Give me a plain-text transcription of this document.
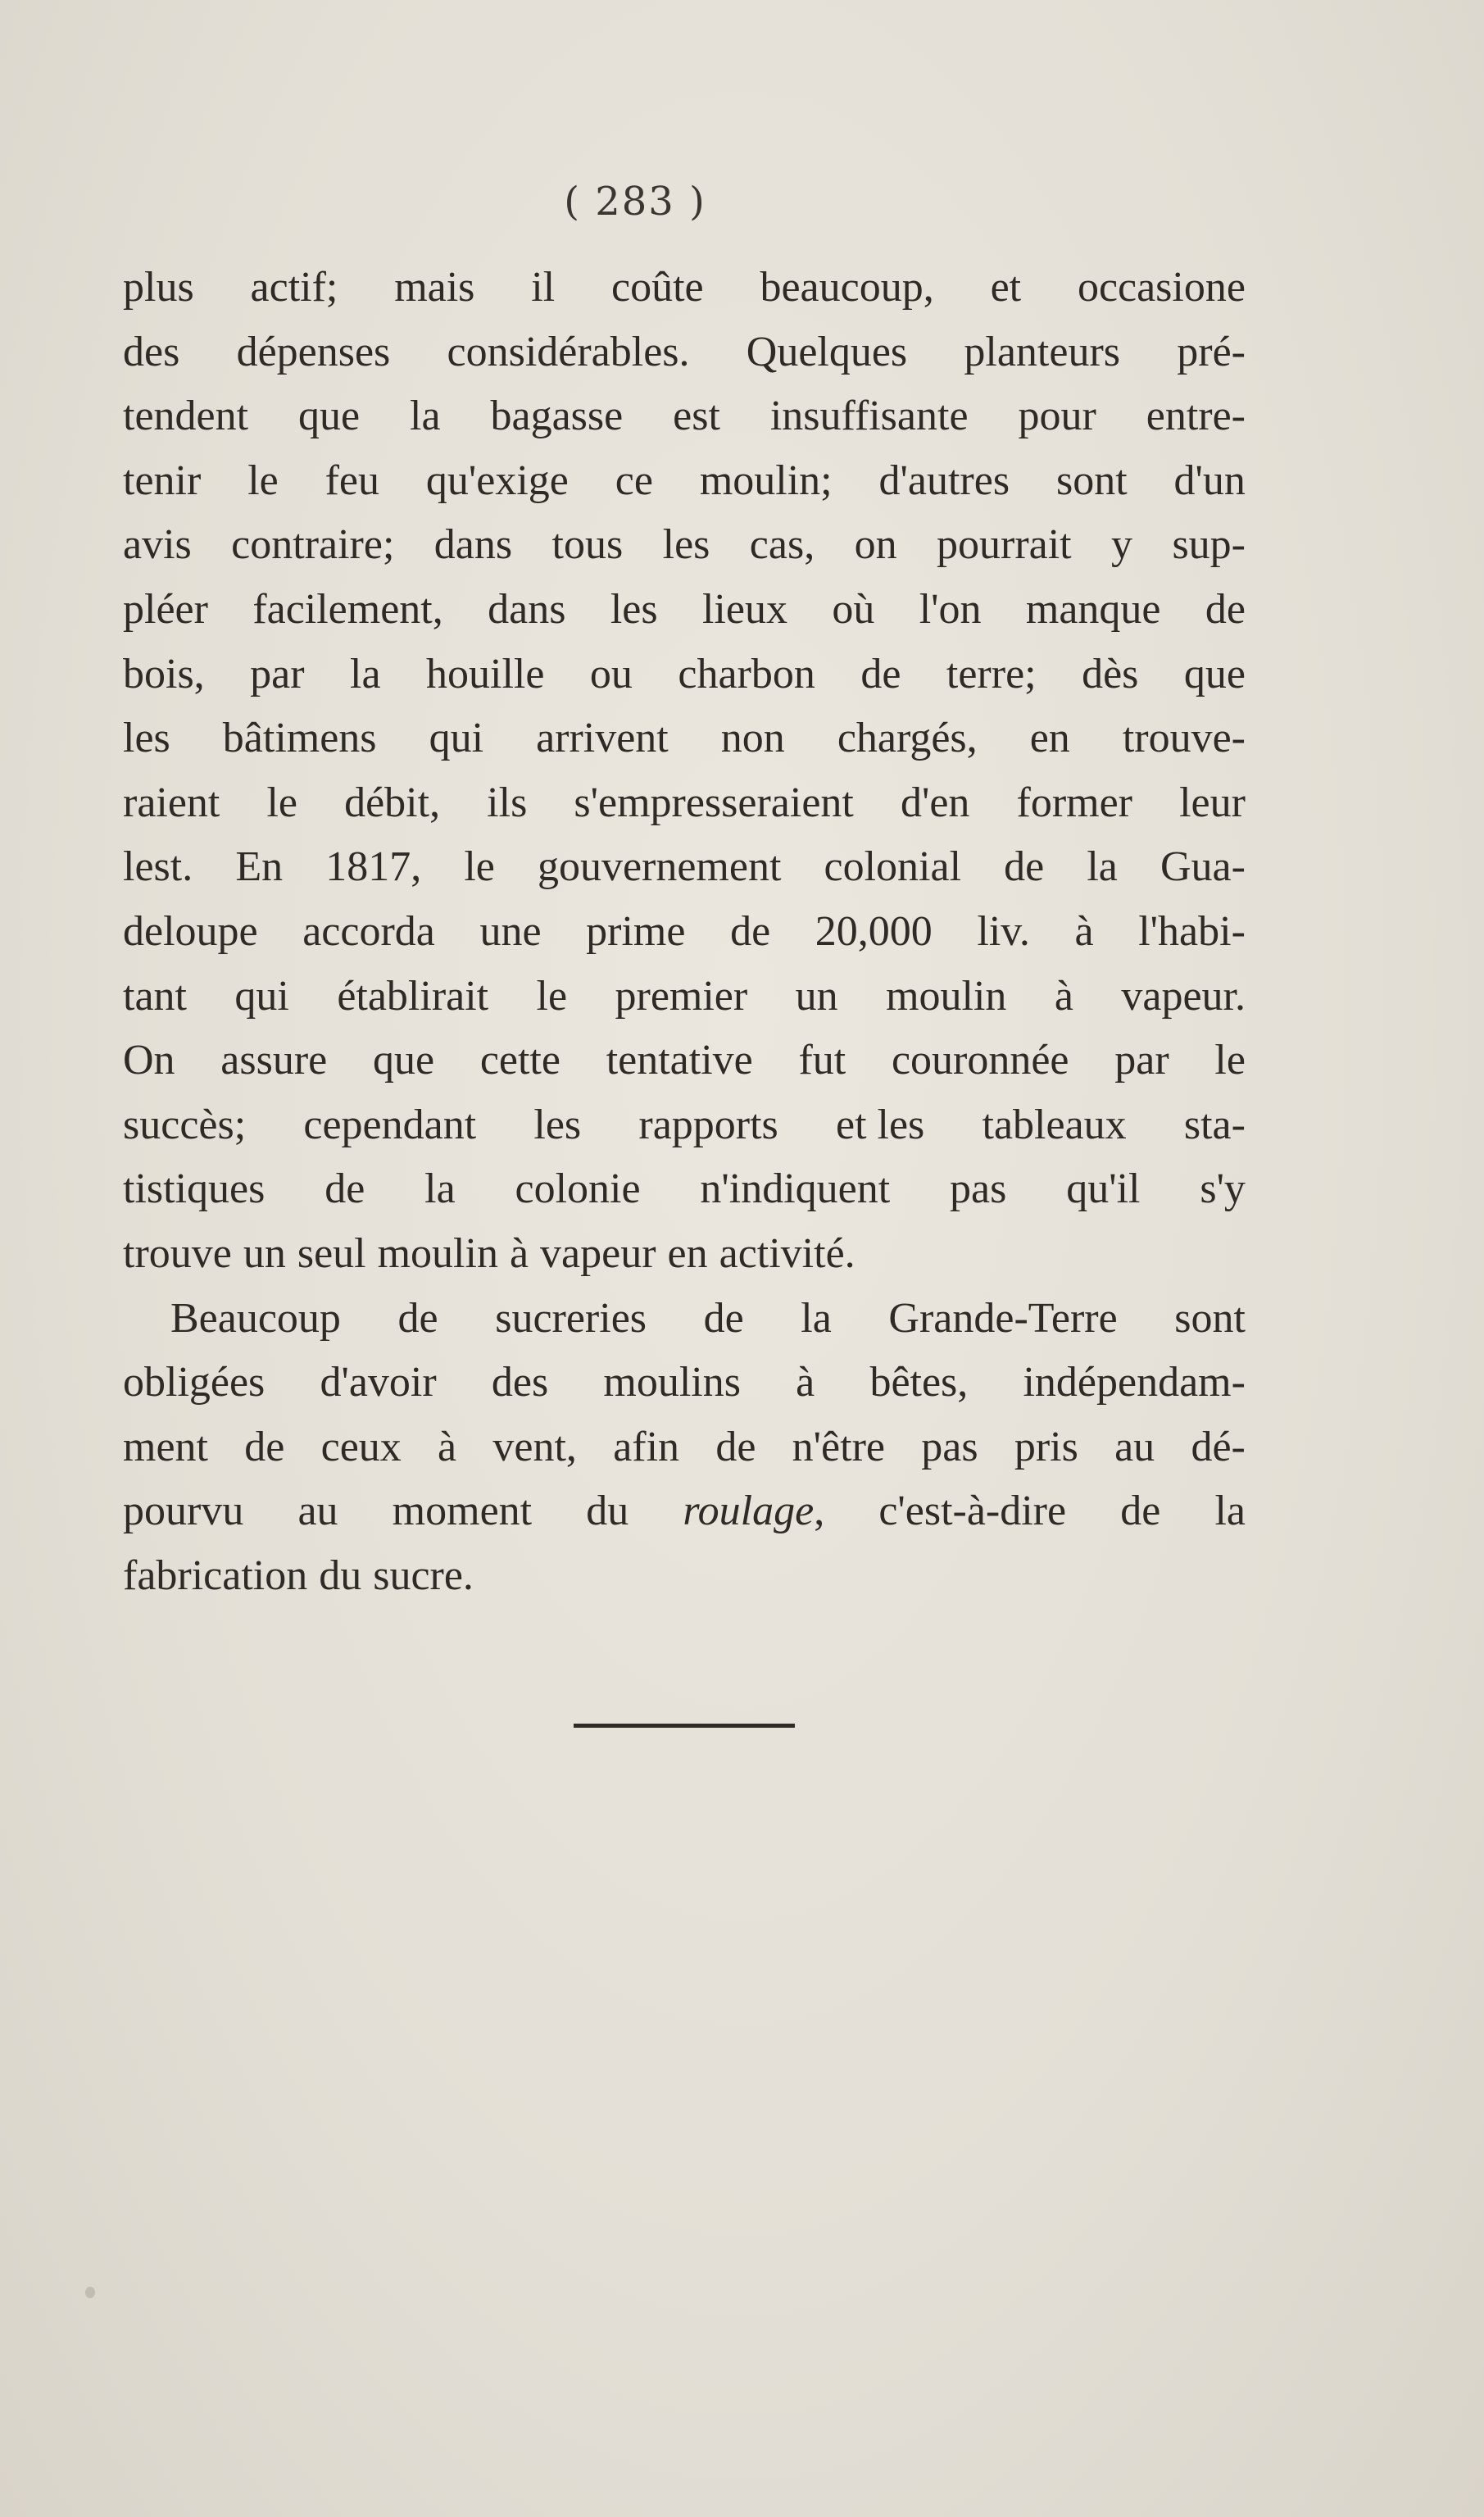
( 283 )
plus actif; mais il coûte beaucoup, et occasione
des dépenses considérables. Quelques planteurs pré-
tendent que la bagasse est insuffisante pour entre-
tenir le feu qu'exige ce moulin; d'autres sont d'un
avis contraire; dans tous les cas, on pourrait y sup-
pléer facilement, dans les lieux où l'on manque de
bois, par la houille ou charbon de terre; dès que
les bâtimens qui arrivent non chargés, en trouve-
raient le débit, ils s'empresseraient d'en former leur
lest. En 1817, le gouvernement colonial de la Gua-
deloupe accorda une prime de 20,000 liv. à l'habi-
tant qui établirait le premier un moulin à vapeur.
On assure que cette tentative fut couronnée par le
succès; cependant les rapports et les tableaux sta-
tistiques de la colonie n'indiquent pas qu'il s'y
trouve un seul moulin à vapeur en activité.
Beaucoup de sucreries de la Grande-Terre sont
obligées d'avoir des moulins à bêtes, indépendam-
ment de ceux à vent, afin de n'être pas pris au dé-
pourvu au moment du roulage, c'est-à-dire de la
fabrication du sucre.
